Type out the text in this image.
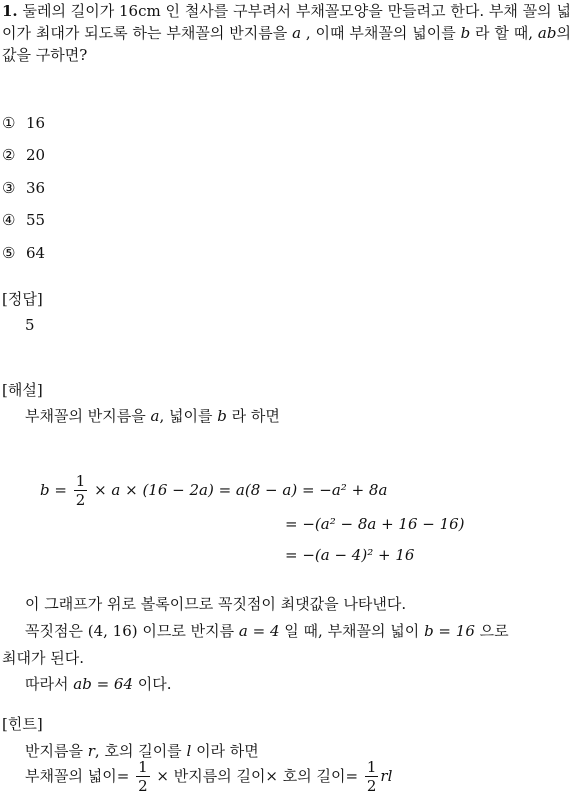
1. 둘레의 길이가 16cm 인 철사를 구부려서 부채꼴모양을 만들려고 한다. 부채 꼴의 넓이가 최대가 되도록 하는 부채꼴의 반지름을 a , 이때 부채꼴의 넓이를 b 라 할 때, ab의 값을 구하면?
① 16
② 20
③ 36
④ 55
⑤ 64
[정답]
5
[해설]
부채꼴의 반지름을 a, 넓이를 b 라 하면
$b = \frac{1}{2} \times a \times (16 - 2a) = a(8 - a) = -a^2 + 8a$
= −(a² − 8a + 16 − 16)
= −(a − 4)² + 16
이 그래프가 위로 볼록이므로 꼭짓점이 최댓값을 나타낸다.
꼭짓점은 (4, 16) 이므로 반지름 a = 4 일 때, 부채꼴의 넓이 b = 16 으로
최대가 된다.
따라서 ab = 64 이다.
[힌트]
반지름을 r, 호의 길이를 l 이라 하면
부채꼴의 넓이= $\frac{1}{2}$ × 반지름의 길이× 호의 길이= $\frac{1}{2}$ rl
